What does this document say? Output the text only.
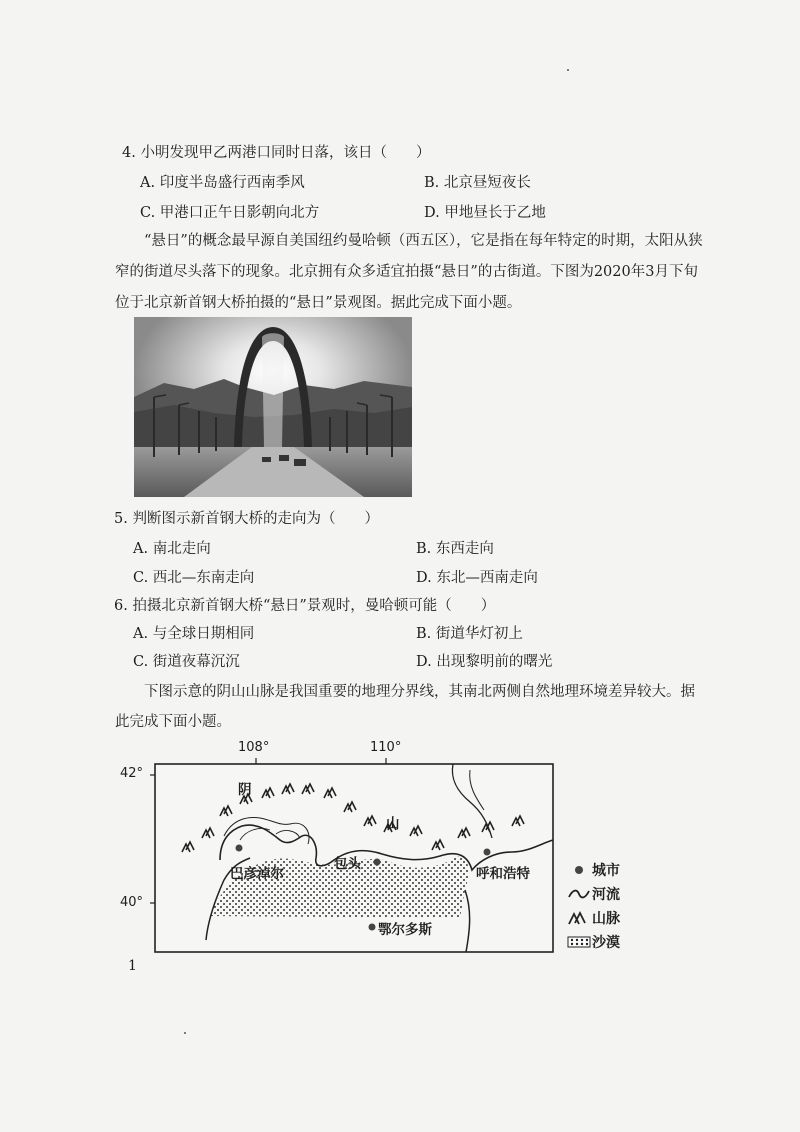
4. 小明发现甲乙两港口同时日落，该日（　　）
A. 印度半岛盛行西南季风	B. 北京昼短夜长
C. 甲港口正午日影朝向北方	D. 甲地昼长于乙地
“悬日”的概念最早源自美国纽约曼哈顿（西五区），它是指在每年特定的时期，太阳从狭窄的街道尽头落下的现象。北京拥有众多适宜拍摄“悬日”的古街道。下图为2020年3月下旬位于北京新首钢大桥拍摄的“悬日”景观图。据此完成下面小题。
5. 判断图示新首钢大桥的走向为（　　）
A. 南北走向	B. 东西走向
C. 西北—东南走向	D. 东北—西南走向
6. 拍摄北京新首钢大桥“悬日”景观时，曼哈顿可能（　　）
A. 与全球日期相同	B. 街道华灯初上
C. 街道夜幕沉沉	D. 出现黎明前的曙光
下图示意的阴山山脉是我国重要的地理分界线，其南北两侧自然地理环境差异较大。据此完成下面小题。
108°	110°
42°
40°
阴
山
巴彦淖尔
包头
呼和浩特
鄂尔多斯
城市
河流
山脉
沙漠
1
